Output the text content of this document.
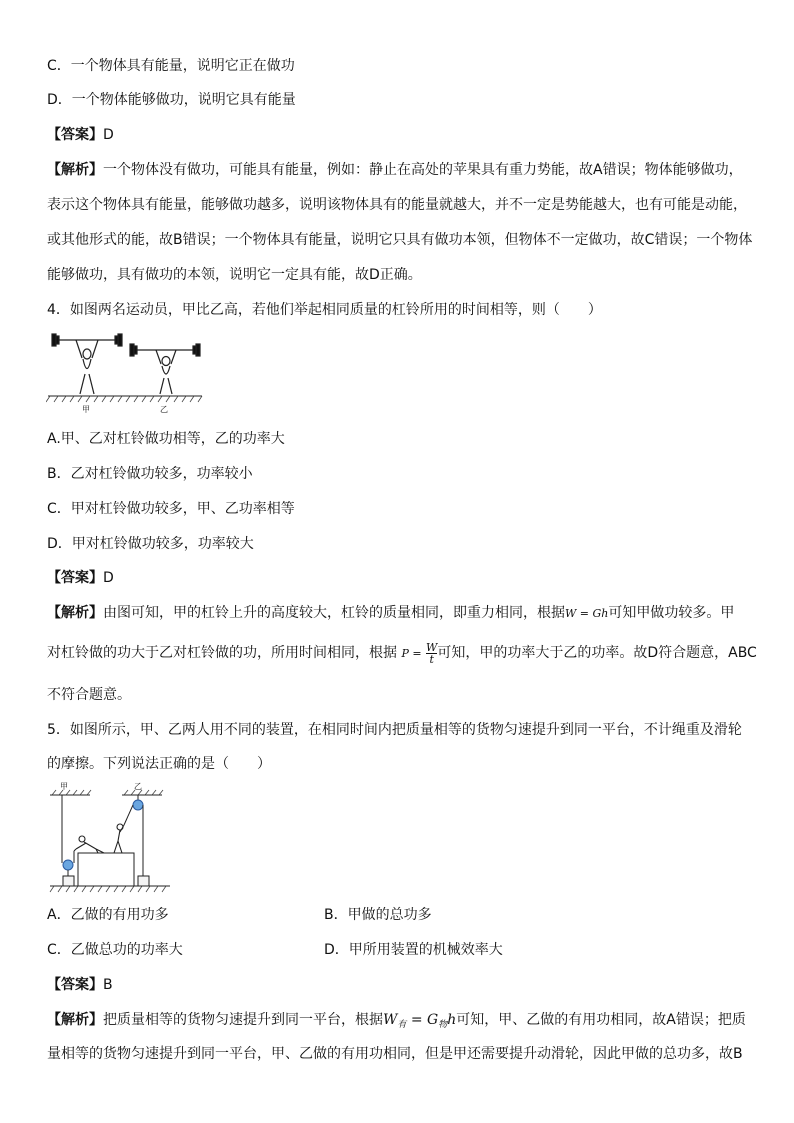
C．一个物体具有能量，说明它正在做功
D．一个物体能够做功，说明它具有能量
【答案】D
【解析】一个物体没有做功，可能具有能量，例如：静止在高处的苹果具有重力势能，故A错误；物体能够做功，
表示这个物体具有能量，能够做功越多，说明该物体具有的能量就越大，并不一定是势能越大，也有可能是动能，
或其他形式的能，故B错误；一个物体具有能量，说明它只具有做功本领，但物体不一定做功，故C错误；一个物体
能够做功，具有做功的本领，说明它一定具有能，故D正确。
4．如图两名运动员，甲比乙高，若他们举起相同质量的杠铃所用的时间相等，则（　　）
甲	乙
A.甲、乙对杠铃做功相等，乙的功率大
B．乙对杠铃做功较多，功率较小
C．甲对杠铃做功较多，甲、乙功率相等
D．甲对杠铃做功较多，功率较大
【答案】D
【解析】由图可知，甲的杠铃上升的高度较大，杠铃的质量相同，即重力相同，根据W = Gh可知甲做功较多。甲
对杠铃做的功大于乙对杠铃做的功，所用时间相同，根据 $P = \frac{W}{t}$ 可知，甲的功率大于乙的功率。故D符合题意，ABC
不符合题意。
5．如图所示，甲、乙两人用不同的装置，在相同时间内把质量相等的货物匀速提升到同一平台，不计绳重及滑轮
的摩擦。下列说法正确的是（　　）
甲	乙
A．乙做的有用功多	B．甲做的总功多
C．乙做总功的功率大	D．甲所用装置的机械效率大
【答案】B
【解析】把质量相等的货物匀速提升到同一平台，根据$W_有 = G_物h$可知，甲、乙做的有用功相同，故A错误；把质
量相等的货物匀速提升到同一平台，甲、乙做的有用功相同，但是甲还需要提升动滑轮，因此甲做的总功多，故B
